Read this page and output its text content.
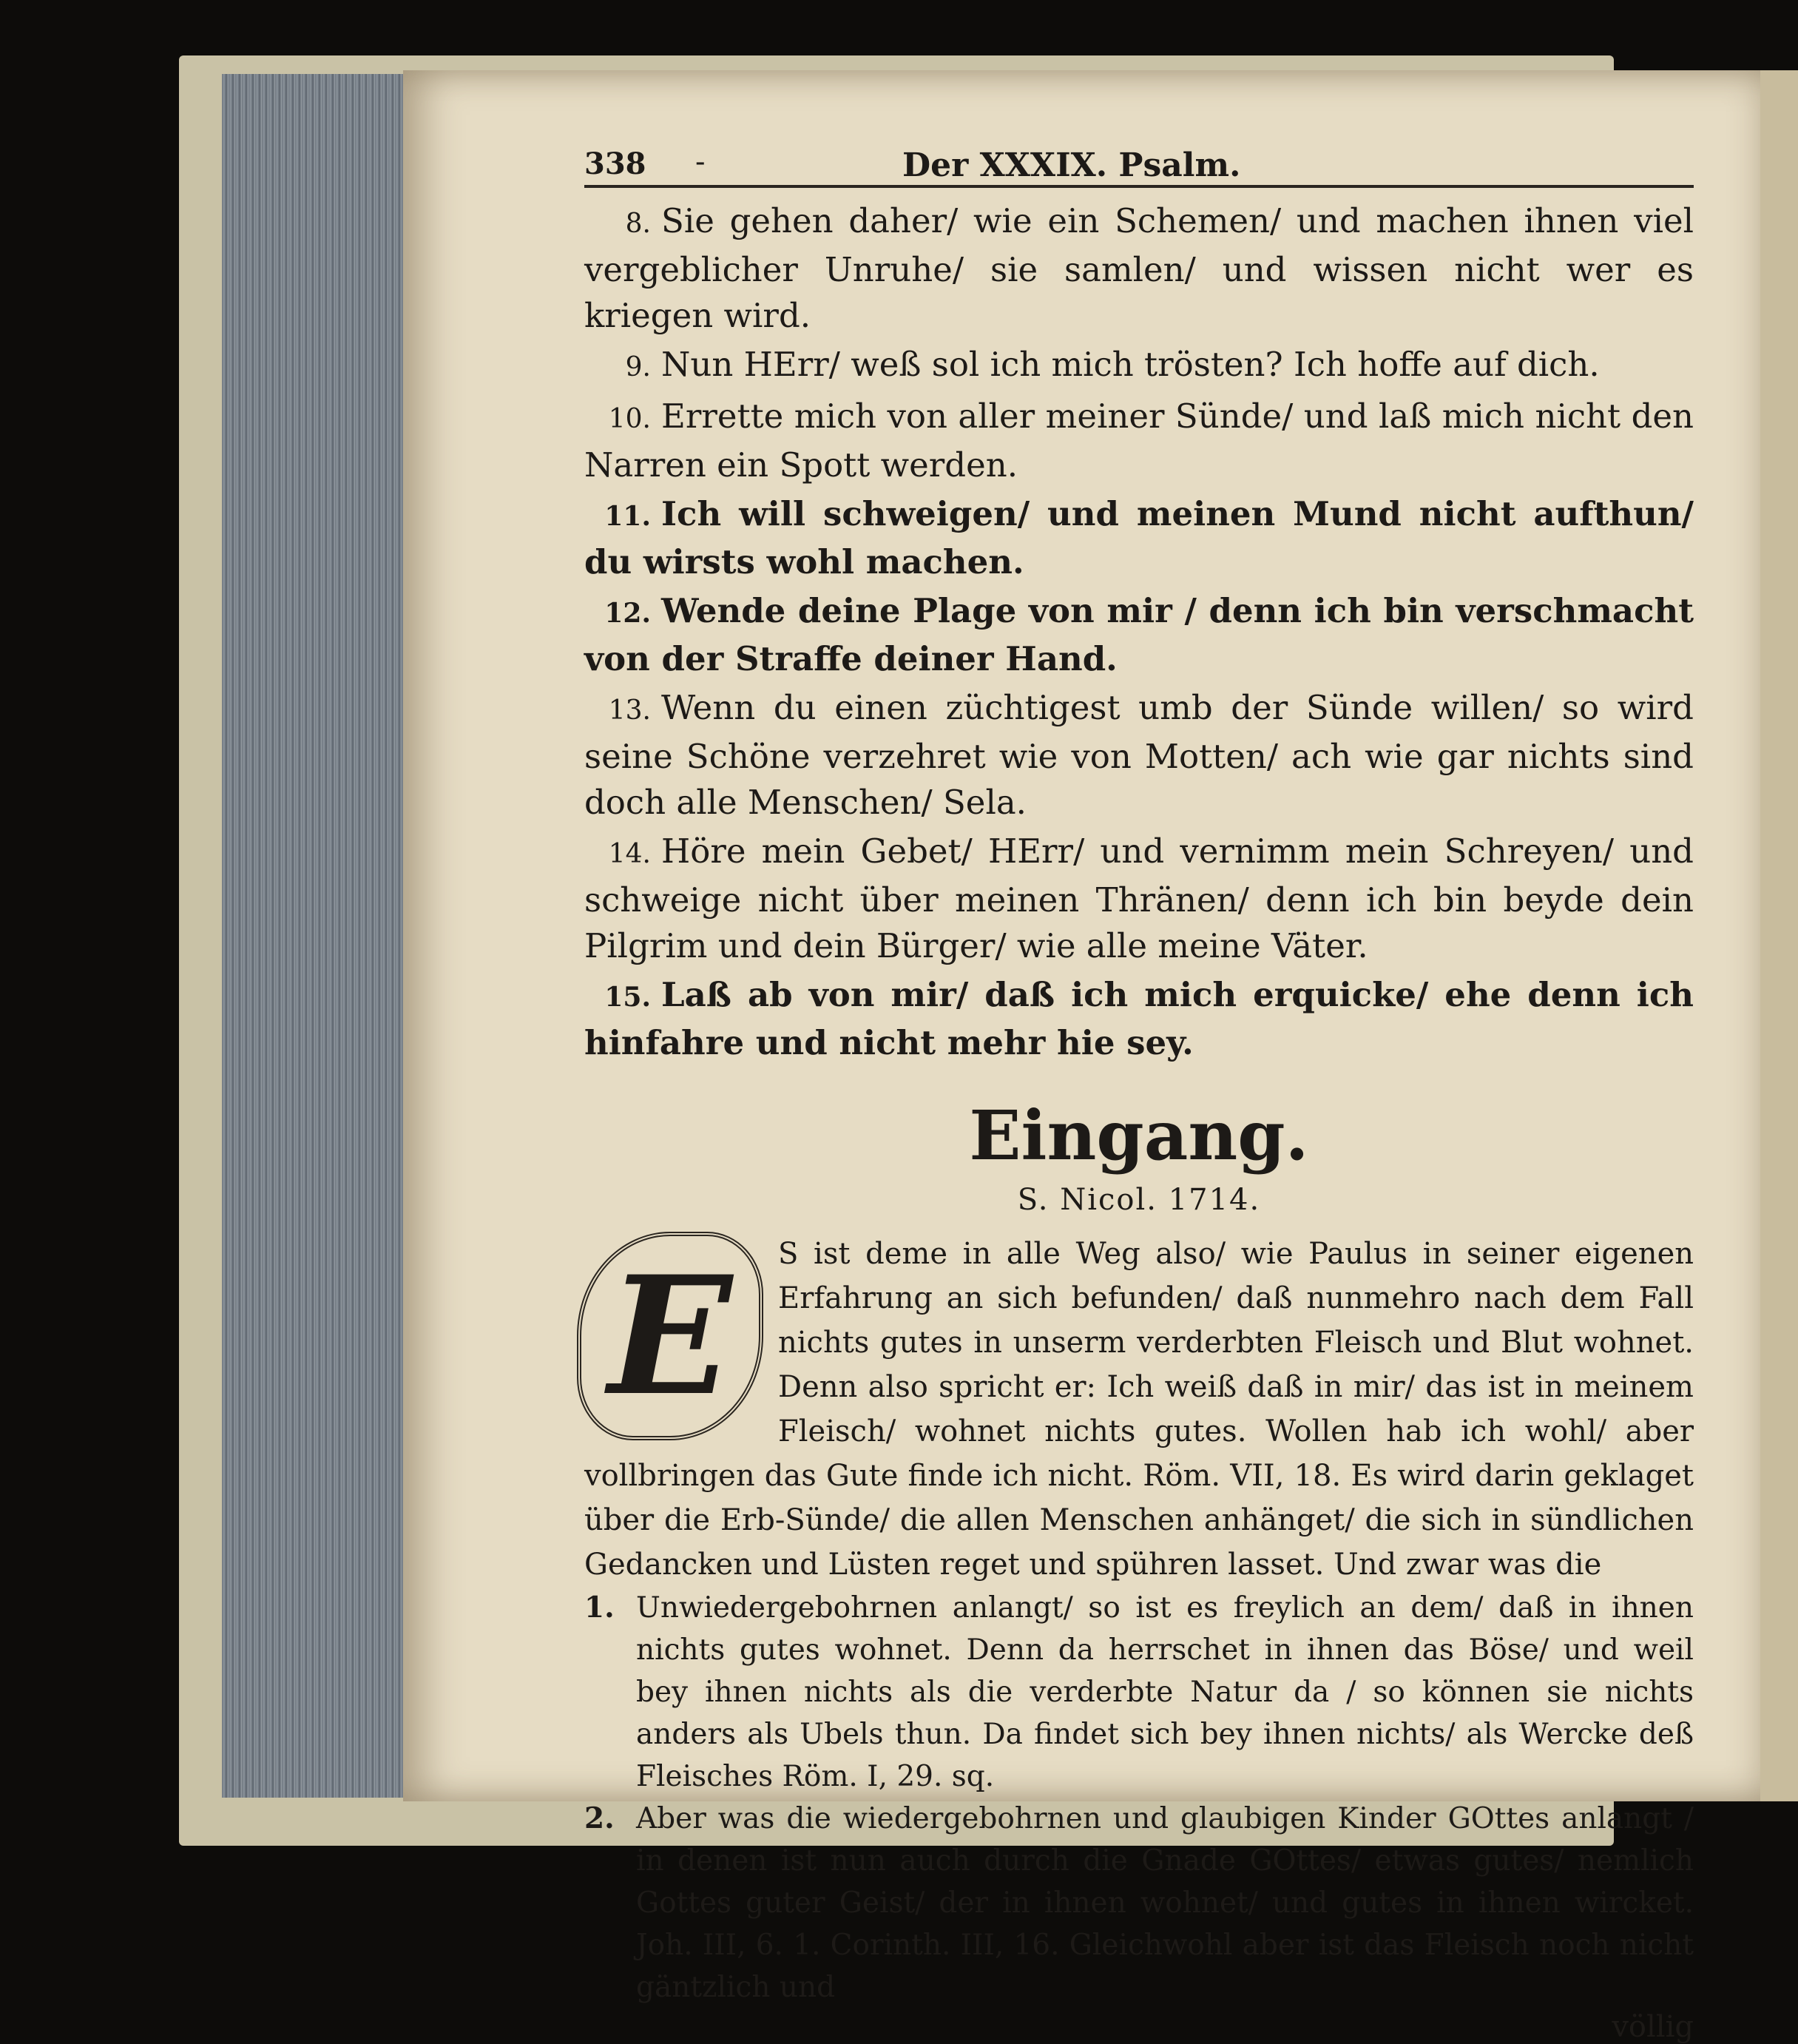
338 -	Der XXXIX. Psalm.

8. Sie gehen daher/ wie ein Schemen/ und machen ihnen viel vergeblicher Unruhe/ sie samlen/ und wissen nicht wer es kriegen wird.

9. Nun HErr/ weß sol ich mich trösten? Ich hoffe auf dich.

10. Errette mich von aller meiner Sünde/ und laß mich nicht den Narren ein Spott werden.

11. Ich will schweigen/ und meinen Mund nicht aufthun/ du wirsts wohl machen.

12. Wende deine Plage von mir / denn ich bin verschmacht von der Straffe deiner Hand.

13. Wenn du einen züchtigest umb der Sünde willen/ so wird seine Schöne verzehret wie von Motten/ ach wie gar nichts sind doch alle Menschen/ Sela.

14. Höre mein Gebet/ HErr/ und vernimm mein Schreyen/ und schweige nicht über meinen Thränen/ denn ich bin beyde dein Pilgrim und dein Bürger/ wie alle meine Väter.

15. Laß ab von mir/ daß ich mich erquicke/ ehe denn ich hinfahre und nicht mehr hie sey.

Eingang.
S. Nicol. 1714.
E	S ist deme in alle Weg also/ wie Paulus in seiner eigenen Erfahrung an sich befunden/ daß nunmehro nach dem Fall nichts gutes in unserm verderbten Fleisch und Blut wohnet. Denn also spricht er: Ich weiß daß in mir/ das ist in meinem Fleisch/ wohnet nichts gutes. Wollen hab ich wohl/ aber vollbringen das Gute finde ich nicht. Röm. VII, 18. Es wird darin geklaget über die Erb-Sünde/ die allen Menschen anhänget/ die sich in sündlichen Gedancken und Lüsten reget und spühren lasset. Und zwar was die

1. Unwiedergebohrnen anlangt/ so ist es freylich an dem/ daß in ihnen nichts gutes wohnet. Denn da herrschet in ihnen das Böse/ und weil bey ihnen nichts als die verderbte Natur da / so können sie nichts anders als Ubels thun. Da findet sich bey ihnen nichts/ als Wercke deß Fleisches Röm. I, 29. sq.

2. Aber was die wiedergebohrnen und glaubigen Kinder GOttes anlangt / in denen ist nun auch durch die Gnade GOttes/ etwas gutes/ nemlich Gottes guter Geist/ der in ihnen wohnet/ und gutes in ihnen wircket. Joh. III, 6. 1. Corinth. III, 16. Gleichwohl aber ist das Fleisch noch nicht gäntzlich und

völlig
